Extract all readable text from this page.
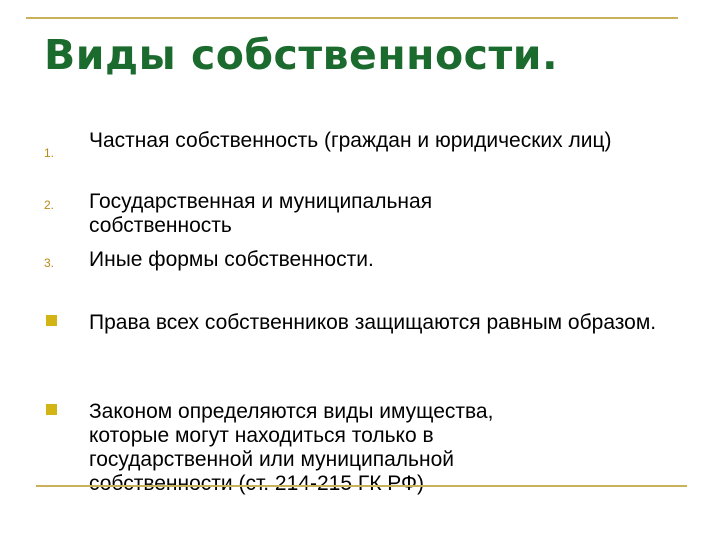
Виды собственности.
1.
Частная собственность (граждан и юридических лиц)
2. Государственная и муниципальная собственность
3. Иные формы собственности.
Права всех собственников защищаются равным образом.
Законом определяются виды имущества, которые могут находиться только в государственной или муниципальной собственности (ст. 214-215 ГК РФ)
